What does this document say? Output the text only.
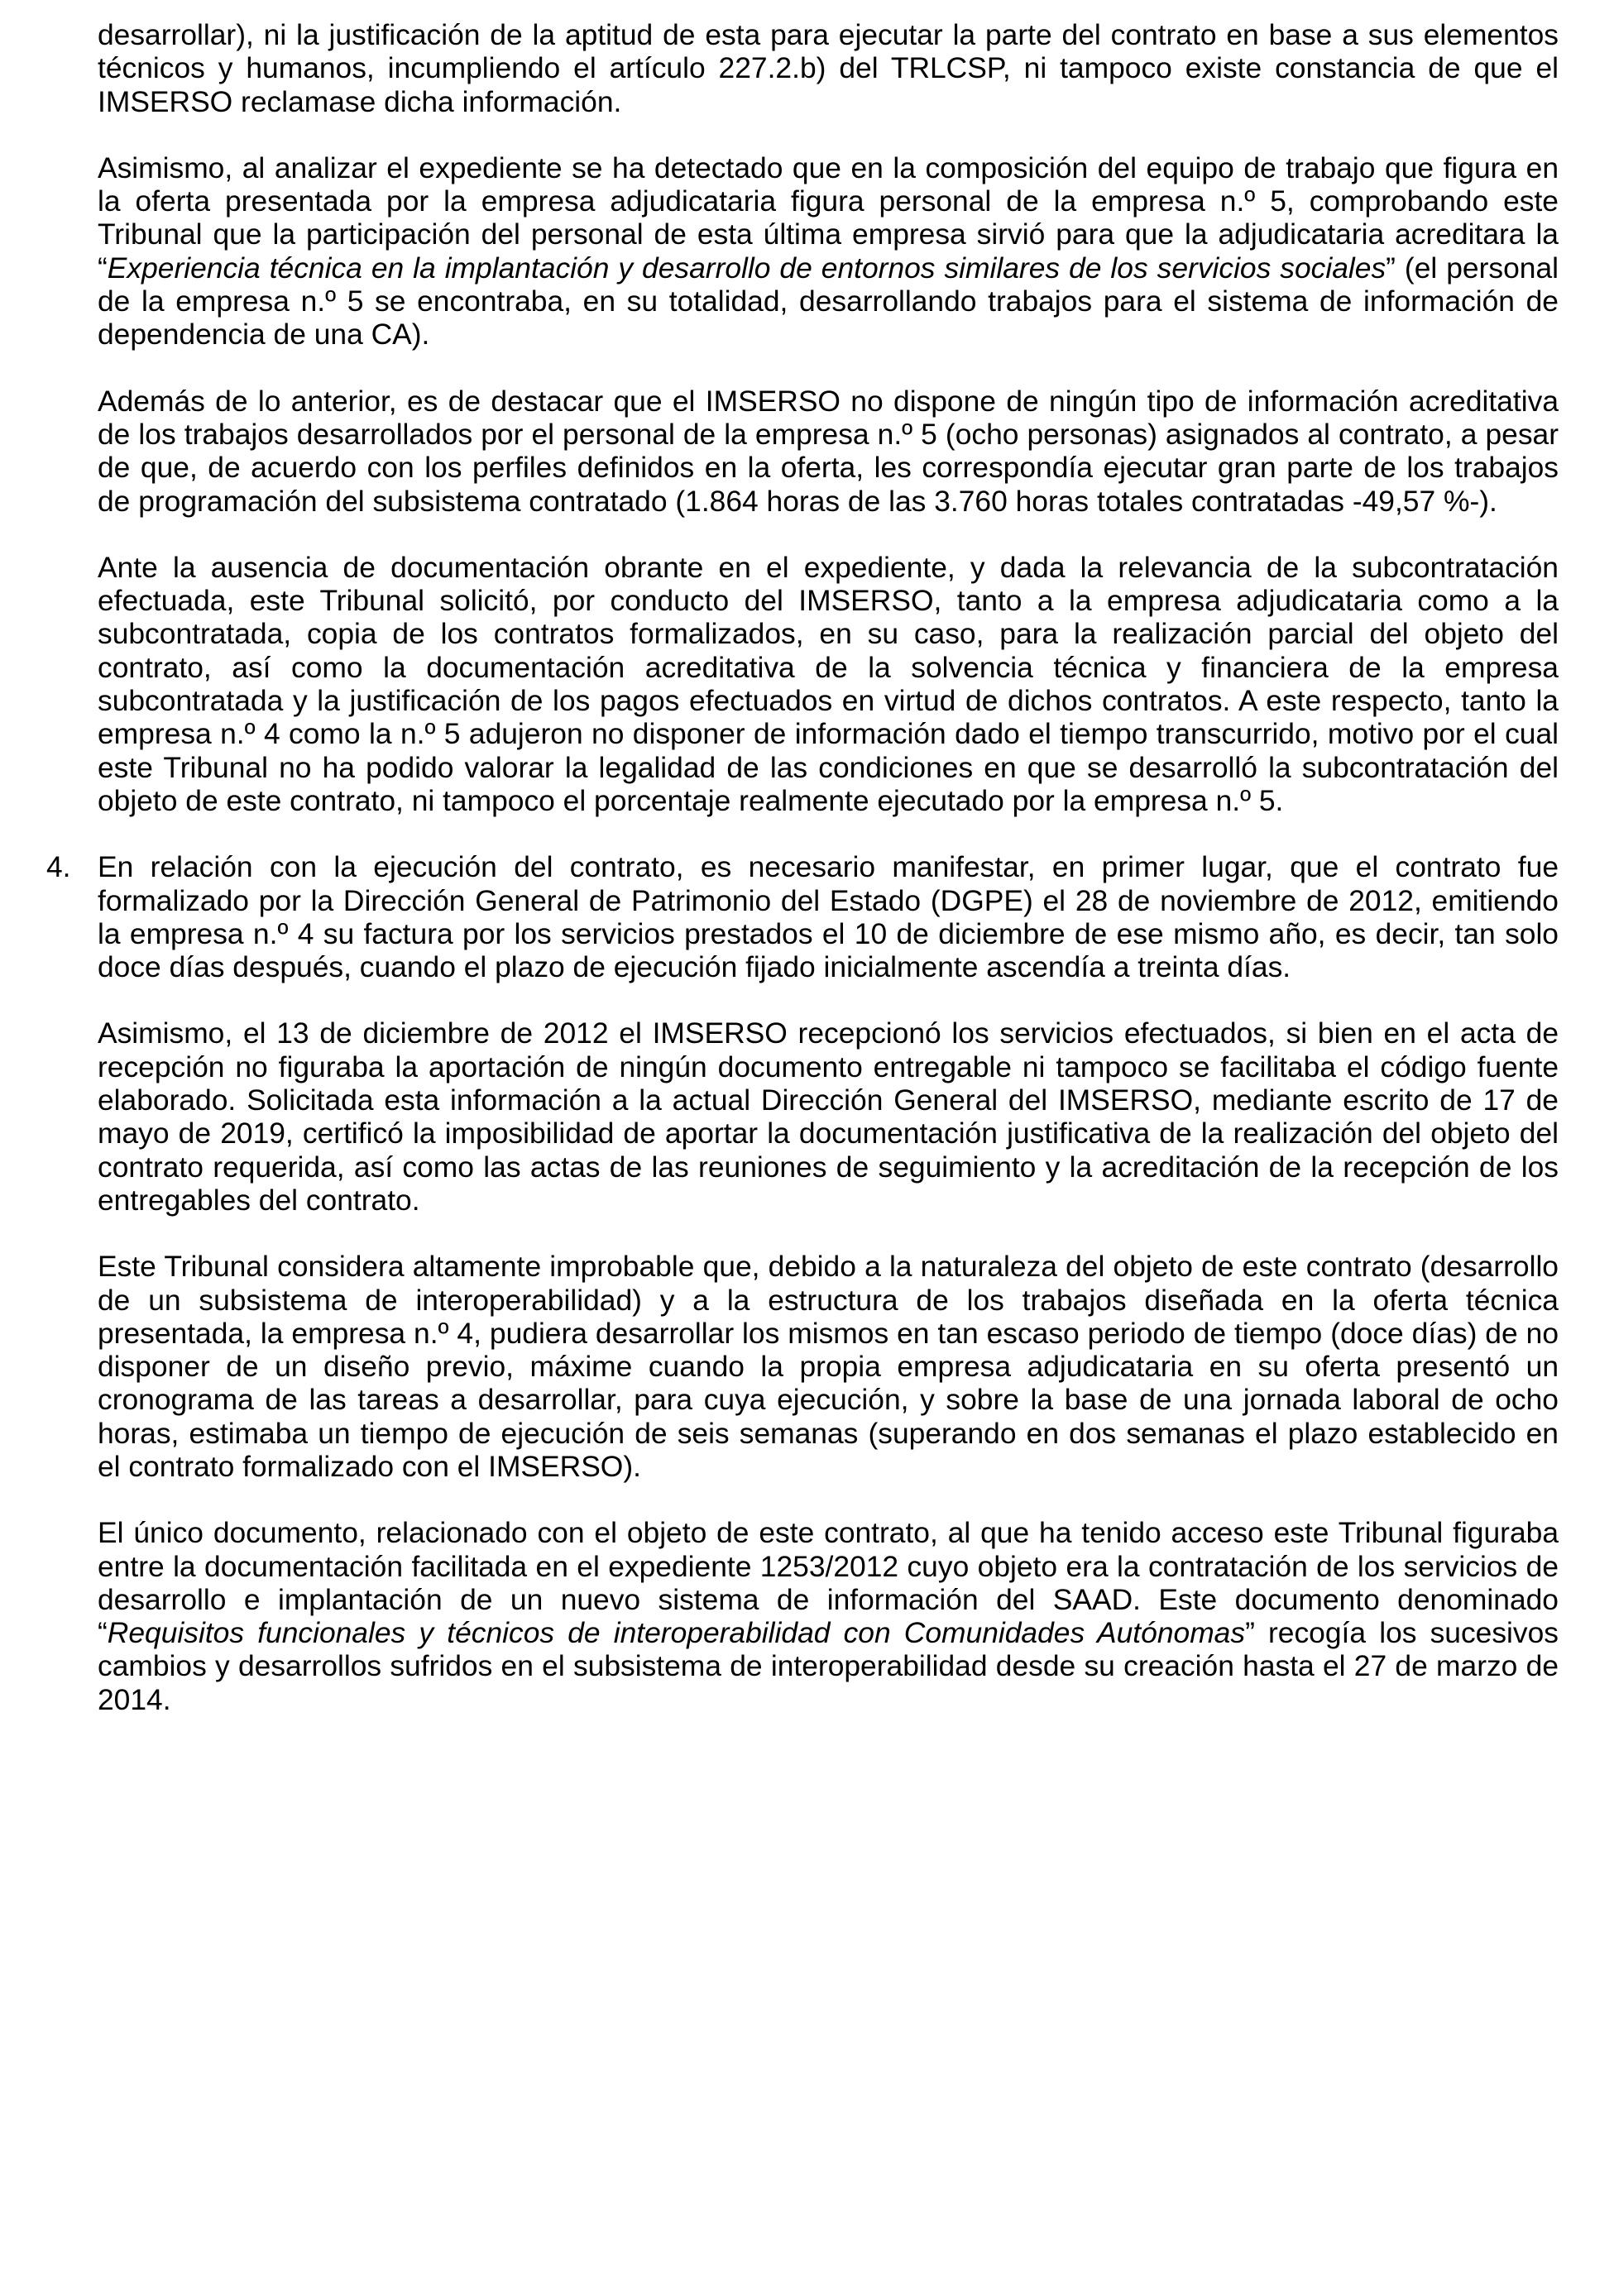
desarrollar), ni la justificación de la aptitud de esta para ejecutar la parte del contrato en base a sus elementos técnicos y humanos, incumpliendo el artículo 227.2.b) del TRLCSP, ni tampoco existe constancia de que el IMSERSO reclamase dicha información.

Asimismo, al analizar el expediente se ha detectado que en la composición del equipo de trabajo que figura en la oferta presentada por la empresa adjudicataria figura personal de la empresa n.º 5, comprobando este Tribunal que la participación del personal de esta última empresa sirvió para que la adjudicataria acreditara la “Experiencia técnica en la implantación y desarrollo de entornos similares de los servicios sociales” (el personal de la empresa n.º 5 se encontraba, en su totalidad, desarrollando trabajos para el sistema de información de dependencia de una CA).

Además de lo anterior, es de destacar que el IMSERSO no dispone de ningún tipo de información acreditativa de los trabajos desarrollados por el personal de la empresa n.º 5 (ocho personas) asignados al contrato, a pesar de que, de acuerdo con los perfiles definidos en la oferta, les correspondía ejecutar gran parte de los trabajos de programación del subsistema contratado (1.864 horas de las 3.760 horas totales contratadas -49,57 %-).

Ante la ausencia de documentación obrante en el expediente, y dada la relevancia de la subcontratación efectuada, este Tribunal solicitó, por conducto del IMSERSO, tanto a la empresa adjudicataria como a la subcontratada, copia de los contratos formalizados, en su caso, para la realización parcial del objeto del contrato, así como la documentación acreditativa de la solvencia técnica y financiera de la empresa subcontratada y la justificación de los pagos efectuados en virtud de dichos contratos. A este respecto, tanto la empresa n.º 4 como la n.º 5 adujeron no disponer de información dado el tiempo transcurrido, motivo por el cual este Tribunal no ha podido valorar la legalidad de las condiciones en que se desarrolló la subcontratación del objeto de este contrato, ni tampoco el porcentaje realmente ejecutado por la empresa n.º 5.

4. En relación con la ejecución del contrato, es necesario manifestar, en primer lugar, que el contrato fue formalizado por la Dirección General de Patrimonio del Estado (DGPE) el 28 de noviembre de 2012, emitiendo la empresa n.º 4 su factura por los servicios prestados el 10 de diciembre de ese mismo año, es decir, tan solo doce días después, cuando el plazo de ejecución fijado inicialmente ascendía a treinta días.

Asimismo, el 13 de diciembre de 2012 el IMSERSO recepcionó los servicios efectuados, si bien en el acta de recepción no figuraba la aportación de ningún documento entregable ni tampoco se facilitaba el código fuente elaborado. Solicitada esta información a la actual Dirección General del IMSERSO, mediante escrito de 17 de mayo de 2019, certificó la imposibilidad de aportar la documentación justificativa de la realización del objeto del contrato requerida, así como las actas de las reuniones de seguimiento y la acreditación de la recepción de los entregables del contrato.

Este Tribunal considera altamente improbable que, debido a la naturaleza del objeto de este contrato (desarrollo de un subsistema de interoperabilidad) y a la estructura de los trabajos diseñada en la oferta técnica presentada, la empresa n.º 4, pudiera desarrollar los mismos en tan escaso periodo de tiempo (doce días) de no disponer de un diseño previo, máxime cuando la propia empresa adjudicataria en su oferta presentó un cronograma de las tareas a desarrollar, para cuya ejecución, y sobre la base de una jornada laboral de ocho horas, estimaba un tiempo de ejecución de seis semanas (superando en dos semanas el plazo establecido en el contrato formalizado con el IMSERSO).

El único documento, relacionado con el objeto de este contrato, al que ha tenido acceso este Tribunal figuraba entre la documentación facilitada en el expediente 1253/2012 cuyo objeto era la contratación de los servicios de desarrollo e implantación de un nuevo sistema de información del SAAD. Este documento denominado “Requisitos funcionales y técnicos de interoperabilidad con Comunidades Autónomas” recogía los sucesivos cambios y desarrollos sufridos en el subsistema de interoperabilidad desde su creación hasta el 27 de marzo de 2014.
